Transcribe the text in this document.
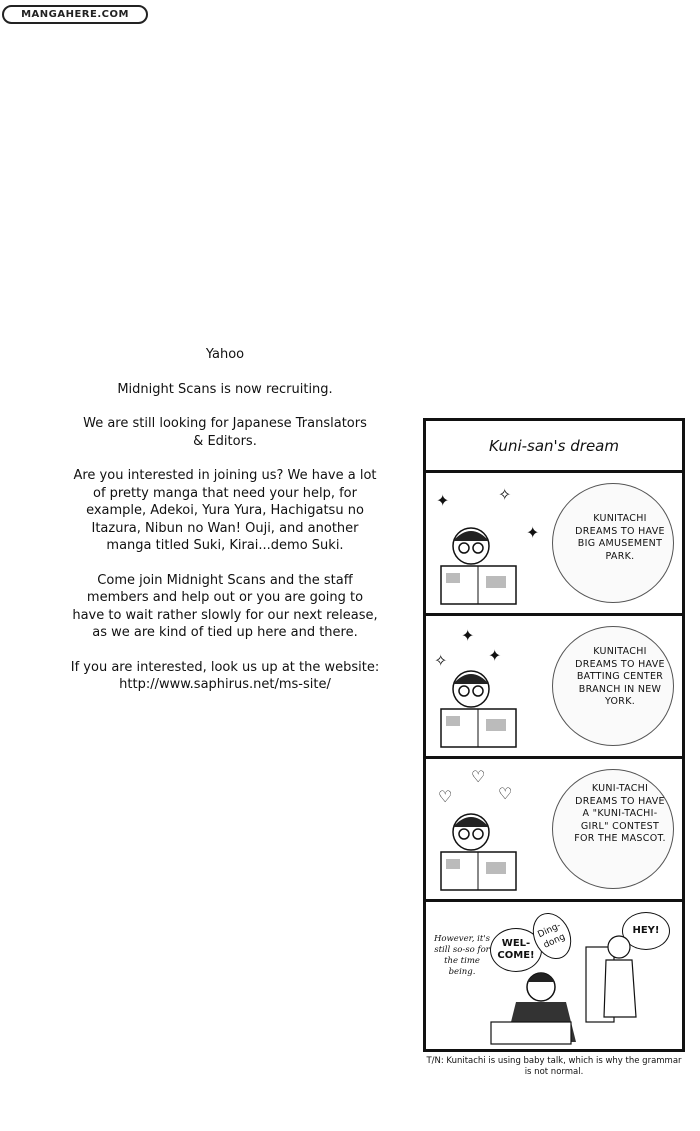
MANGAHERE.COM

Yahoo

Midnight Scans is now recruiting.

We are still looking for Japanese Translators & Editors.

Are you interested in joining us? We have a lot of pretty manga that need your help, for example, Adekoi, Yura Yura, Hachigatsu no Itazura, Nibun no Wan! Ouji, and another manga titled Suki, Kirai...demo Suki.

Come join Midnight Scans and the staff members and help out or you are going to have to wait rather slowly for our next release, as we are kind of tied up here and there.

If you are interested, look us up at the website: http://www.saphirus.net/ms-site/

Kuni-san's dream
KUNITACHI DREAMS TO HAVE BIG AMUSEMENT PARK.
✦	✧
✦
KUNITACHI DREAMS TO HAVE BATTING CENTER BRANCH IN NEW YORK.
✦
✧	✦
KUNI-TACHI DREAMS TO HAVE A "KUNI-TACHI-GIRL" CONTEST FOR THE MASCOT.
♡
♡	♡
However, it's still so-so for the time being.
WEL-COME!
Ding-dong
HEY!
T/N: Kunitachi is using baby talk, which is why the grammar is not normal.
